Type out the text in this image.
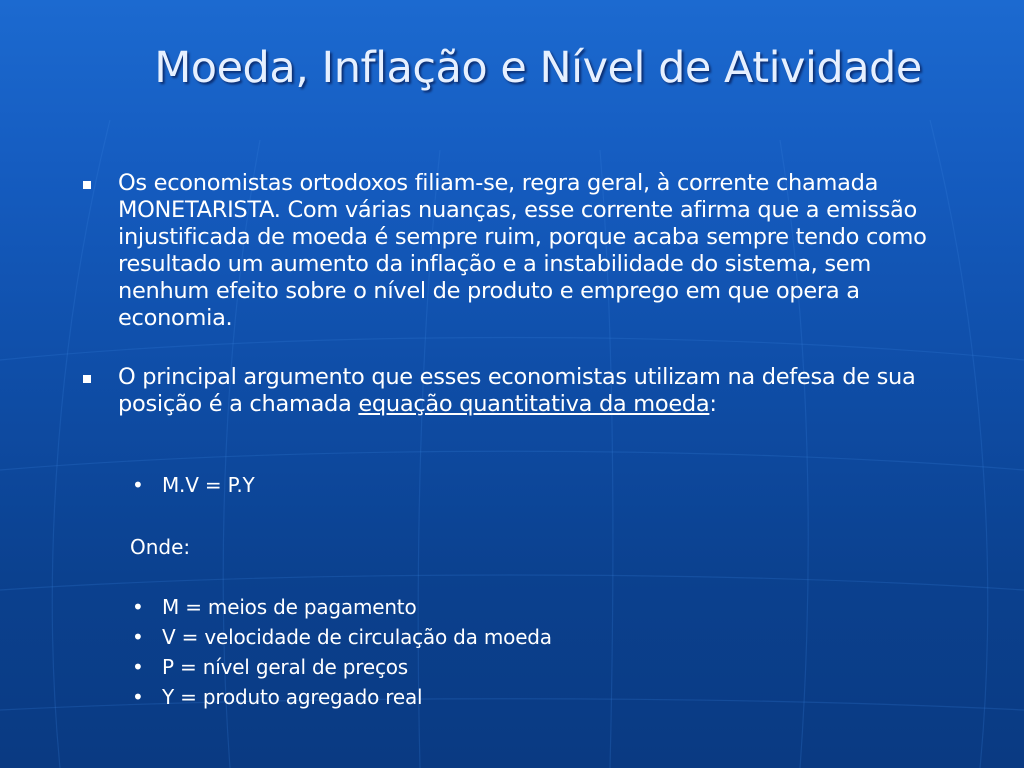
Moeda, Inflação e Nível de Atividade
Os economistas ortodoxos filiam-se, regra geral, à corrente chamada MONETARISTA. Com várias nuanças, esse corrente afirma que a emissão injustificada de moeda é sempre ruim, porque acaba sempre tendo como resultado um aumento da inflação e a instabilidade do sistema, sem nenhum efeito sobre o nível de produto e emprego em que opera a economia.
O principal argumento que esses economistas utilizam na defesa de sua posição é a chamada equação quantitativa da moeda:
• M.V = P.Y
Onde:
• M = meios de pagamento
• V = velocidade de circulação da moeda
• P = nível geral de preços
• Y = produto agregado real
